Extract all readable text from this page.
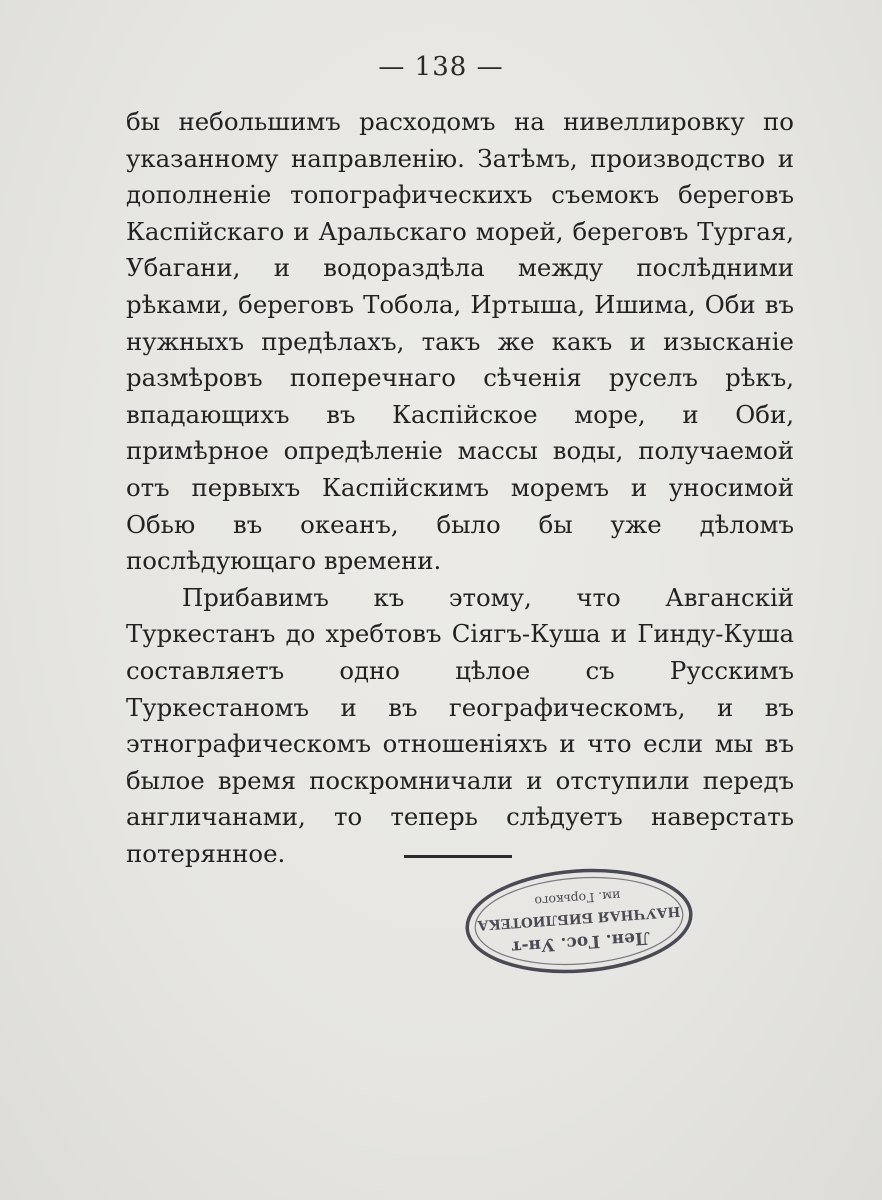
— 138 —

бы небольшимъ расходомъ на нивеллировку по указанному направленію. Затѣмъ, производство и дополненіе топографическихъ съемокъ береговъ Каспійскаго и Аральскаго морей, береговъ Тургая, Убагани, и водораздѣла между послѣдними рѣками, береговъ Тобола, Иртыша, Ишима, Оби въ нужныхъ предѣлахъ, такъ же какъ и изысканіе размѣровъ поперечнаго сѣченія руселъ рѣкъ, впадающихъ въ Каспійское море, и Оби, примѣрное опредѣленіе массы воды, получаемой отъ первыхъ Каспійскимъ моремъ и уносимой Обью въ океанъ, было бы уже дѣломъ послѣдующаго времени.

Прибавимъ къ этому, что Авганскій Туркестанъ до хребтовъ Сіягъ-Куша и Гинду-Куша составляетъ одно цѣлое съ Русскимъ Туркестаномъ и въ географическомъ, и въ этнографическомъ отношеніяхъ и что если мы въ былое время поскромничали и отступили передъ англичанами, то теперь слѣдуетъ наверстать потерянное.

Лен. Гос. Ун-т
НАУЧНАЯ БИБЛИОТЕКА
им. Горького
